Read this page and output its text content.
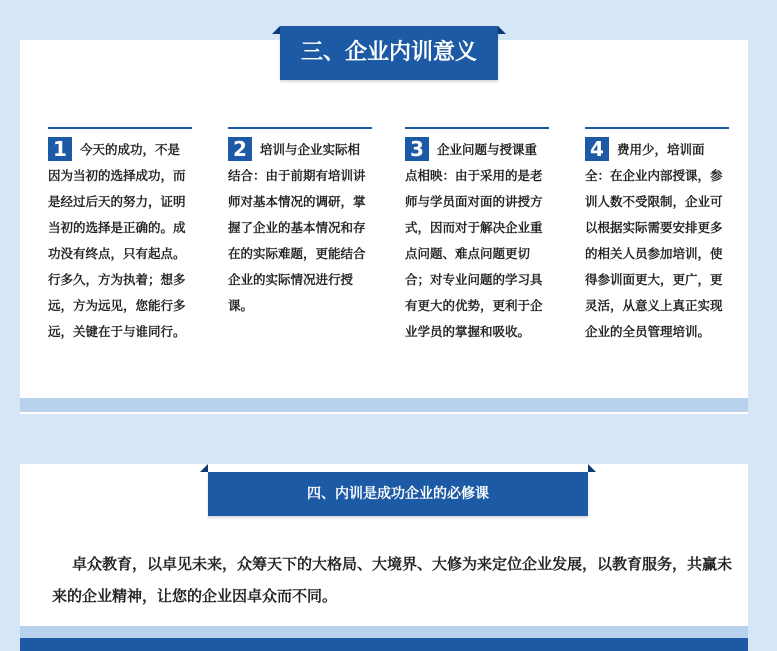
三、企业内训意义
1	今天的成功，不是因为当初的选择成功，而是经过后天的努力，证明当初的选择是正确的。成功没有终点，只有起点。行多久，方为执着；想多远，方为远见，您能行多远，关键在于与谁同行。
2	培训与企业实际相结合：由于前期有培训讲师对基本情况的调研，掌握了企业的基本情况和存在的实际难题，更能结合企业的实际情况进行授课。
3	企业问题与授课重点相映：由于采用的是老师与学员面对面的讲授方式，因而对于解决企业重点问题、难点问题更切合；对专业问题的学习具有更大的优势，更利于企业学员的掌握和吸收。
4	费用少，培训面全：在企业内部授课，参训人数不受限制，企业可以根据实际需要安排更多的相关人员参加培训，使得参训面更大，更广，更灵活，从意义上真正实现企业的全员管理培训。
四、内训是成功企业的必修课
卓众教育，以卓见未来，众筹天下的大格局、大境界、大修为来定位企业发展，以教育服务，共赢未来的企业精神，让您的企业因卓众而不同。
